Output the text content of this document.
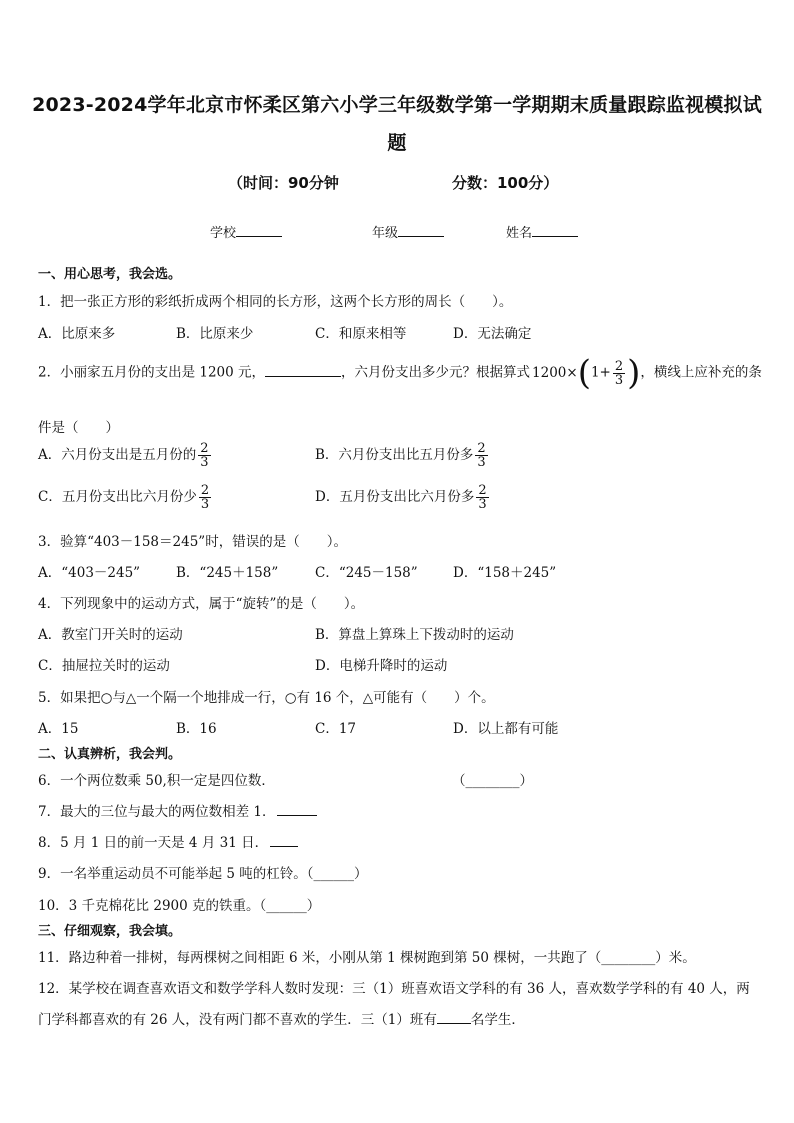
2023-2024学年北京市怀柔区第六小学三年级数学第一学期期末质量跟踪监视模拟试
题
（时间：90分钟	分数：100分）
学校	年级	姓名
一、用心思考，我会选。
1．把一张正方形的彩纸折成两个相同的长方形，这两个长方形的周长（　　）。
A．比原来多	B．比原来少	C．和原来相等	D．无法确定
2．小丽家五月份的支出是 1200 元，	，六月份支出多少元？根据算式 $1200\times(1+ \frac{2}{3}$ )，横线上应补充的条
件是（　　）
A．六月份支出是五月份的 $\frac{2}{3}$	B．六月份支出比五月份多 $\frac{2}{3}$
C．五月份支出比六月份少 $\frac{2}{3}$	D．五月份支出比六月份多 $\frac{2}{3}$
3．验算“403－158＝245”时，错误的是（　　）。
A．“403－245”	B．“245＋158”	C．“245－158”	D．“158＋245”
4．下列现象中的运动方式，属于“旋转”的是（　　）。
A．教室门开关时的运动	B．算盘上算珠上下拨动时的运动
C．抽屉拉关时的运动	D．电梯升降时的运动
5．如果把○与△一个隔一个地排成一行，○有 16 个，△可能有（　　）个。
A．15	B．16	C．17	D．以上都有可能
二、认真辨析，我会判。
6．一个两位数乘 50,积一定是四位数．	（________）
7．最大的三位与最大的两位数相差 1．
8．5 月 1 日的前一天是 4 月 31 日．
9．一名举重运动员不可能举起 5 吨的杠铃。（______）
10．3 千克棉花比 2900 克的铁重。（______）
三、仔细观察，我会填。
11．路边种着一排树，每两棵树之间相距 6 米，小刚从第 1 棵树跑到第 50 棵树，一共跑了（________）米。
12．某学校在调查喜欢语文和数学学科人数时发现：三（1）班喜欢语文学科的有 36 人，喜欢数学学科的有 40 人，两
门学科都喜欢的有 26 人，没有两门都不喜欢的学生．三（1）班有	名学生．
